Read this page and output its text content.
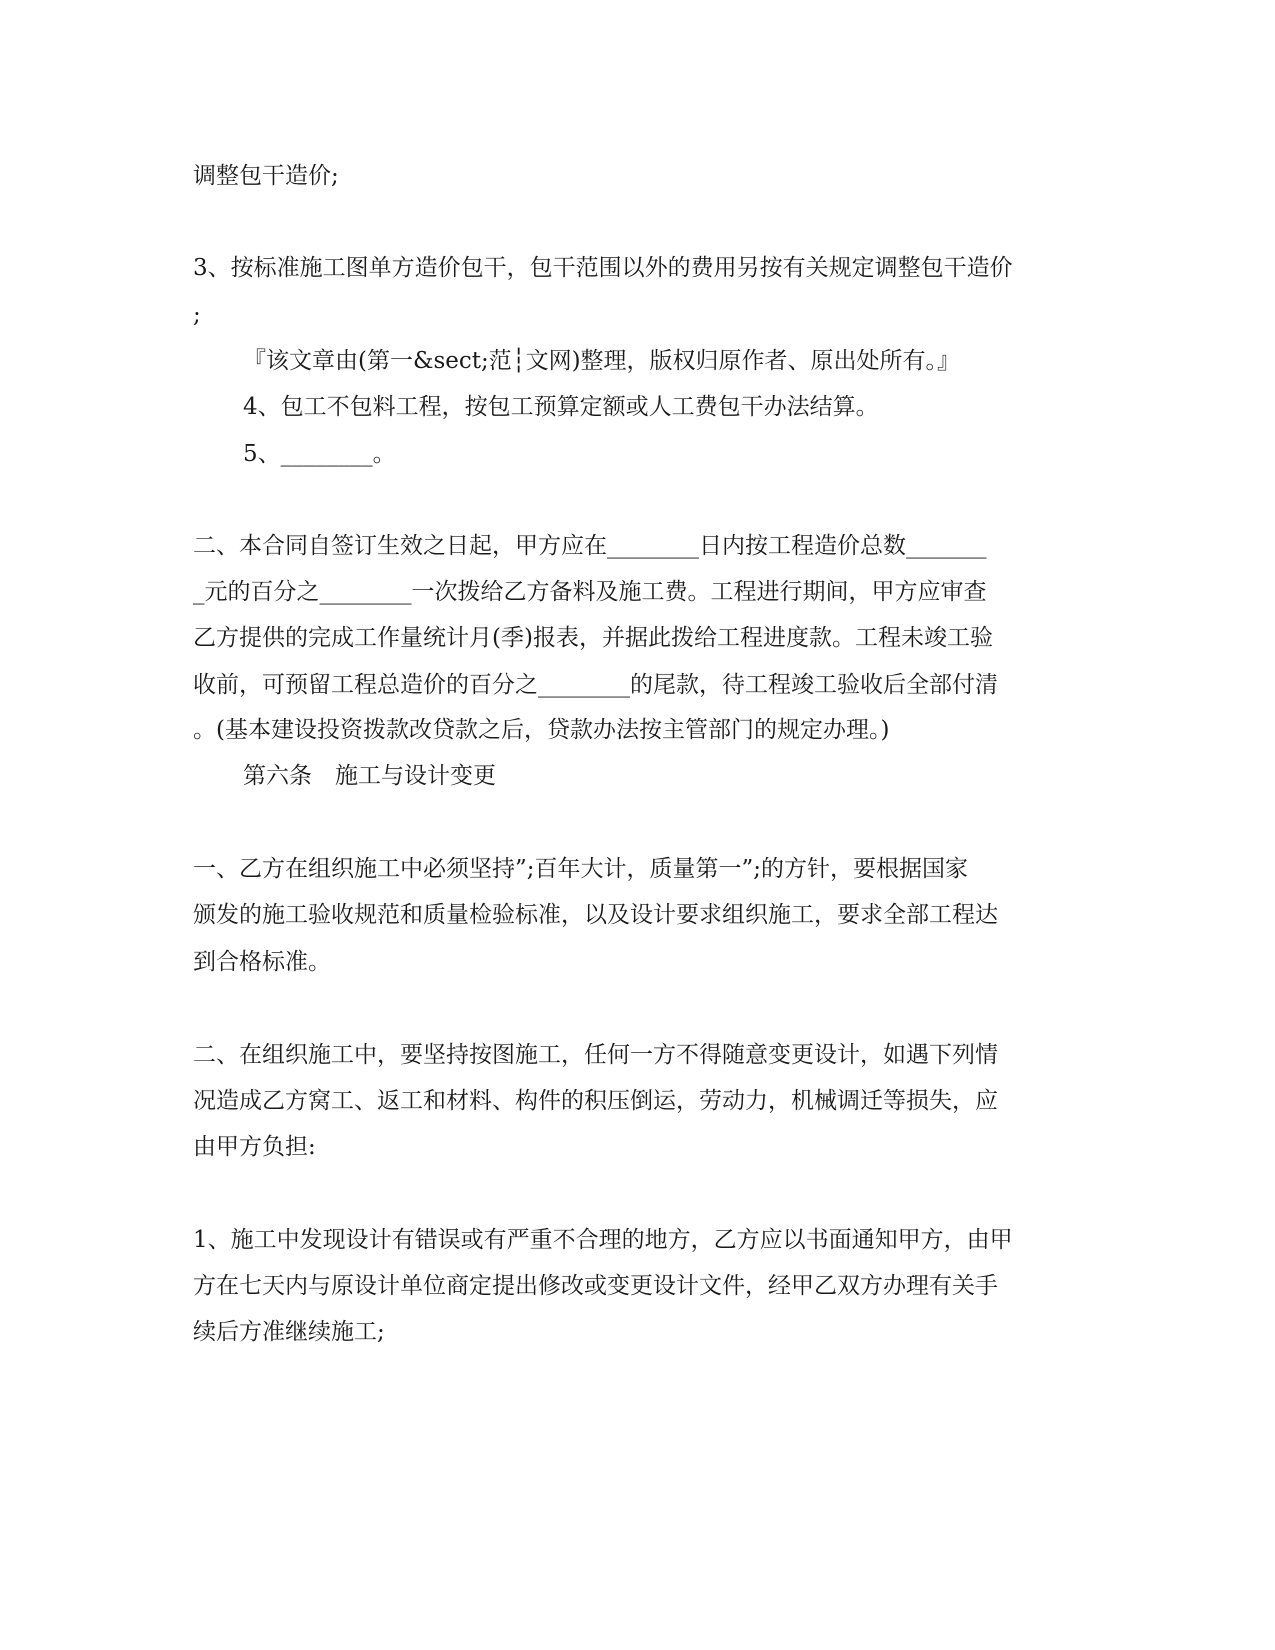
调整包干造价;

3、按标准施工图单方造价包干，包干范围以外的费用另按有关规定调整包干造价

;

『该文章由(第一&sect;范┆文网)整理，版权归原作者、原出处所有。』

4、包工不包料工程，按包工预算定额或人工费包干办法结算。

5、________。

二、本合同自签订生效之日起，甲方应在________日内按工程造价总数_______

_元的百分之________一次拨给乙方备料及施工费。工程进行期间，甲方应审查

乙方提供的完成工作量统计月(季)报表，并据此拨给工程进度款。工程未竣工验

收前，可预留工程总造价的百分之________的尾款，待工程竣工验收后全部付清

。(基本建设投资拨款改贷款之后，贷款办法按主管部门的规定办理。)

第六条　施工与设计变更

一、乙方在组织施工中必须坚持”;百年大计，质量第一”;的方针，要根据国家

颁发的施工验收规范和质量检验标准，以及设计要求组织施工，要求全部工程达

到合格标准。

二、在组织施工中，要坚持按图施工，任何一方不得随意变更设计，如遇下列情

况造成乙方窝工、返工和材料、构件的积压倒运，劳动力，机械调迁等损失，应

由甲方负担:

1、施工中发现设计有错误或有严重不合理的地方，乙方应以书面通知甲方，由甲

方在七天内与原设计单位商定提出修改或变更设计文件，经甲乙双方办理有关手

续后方准继续施工;
